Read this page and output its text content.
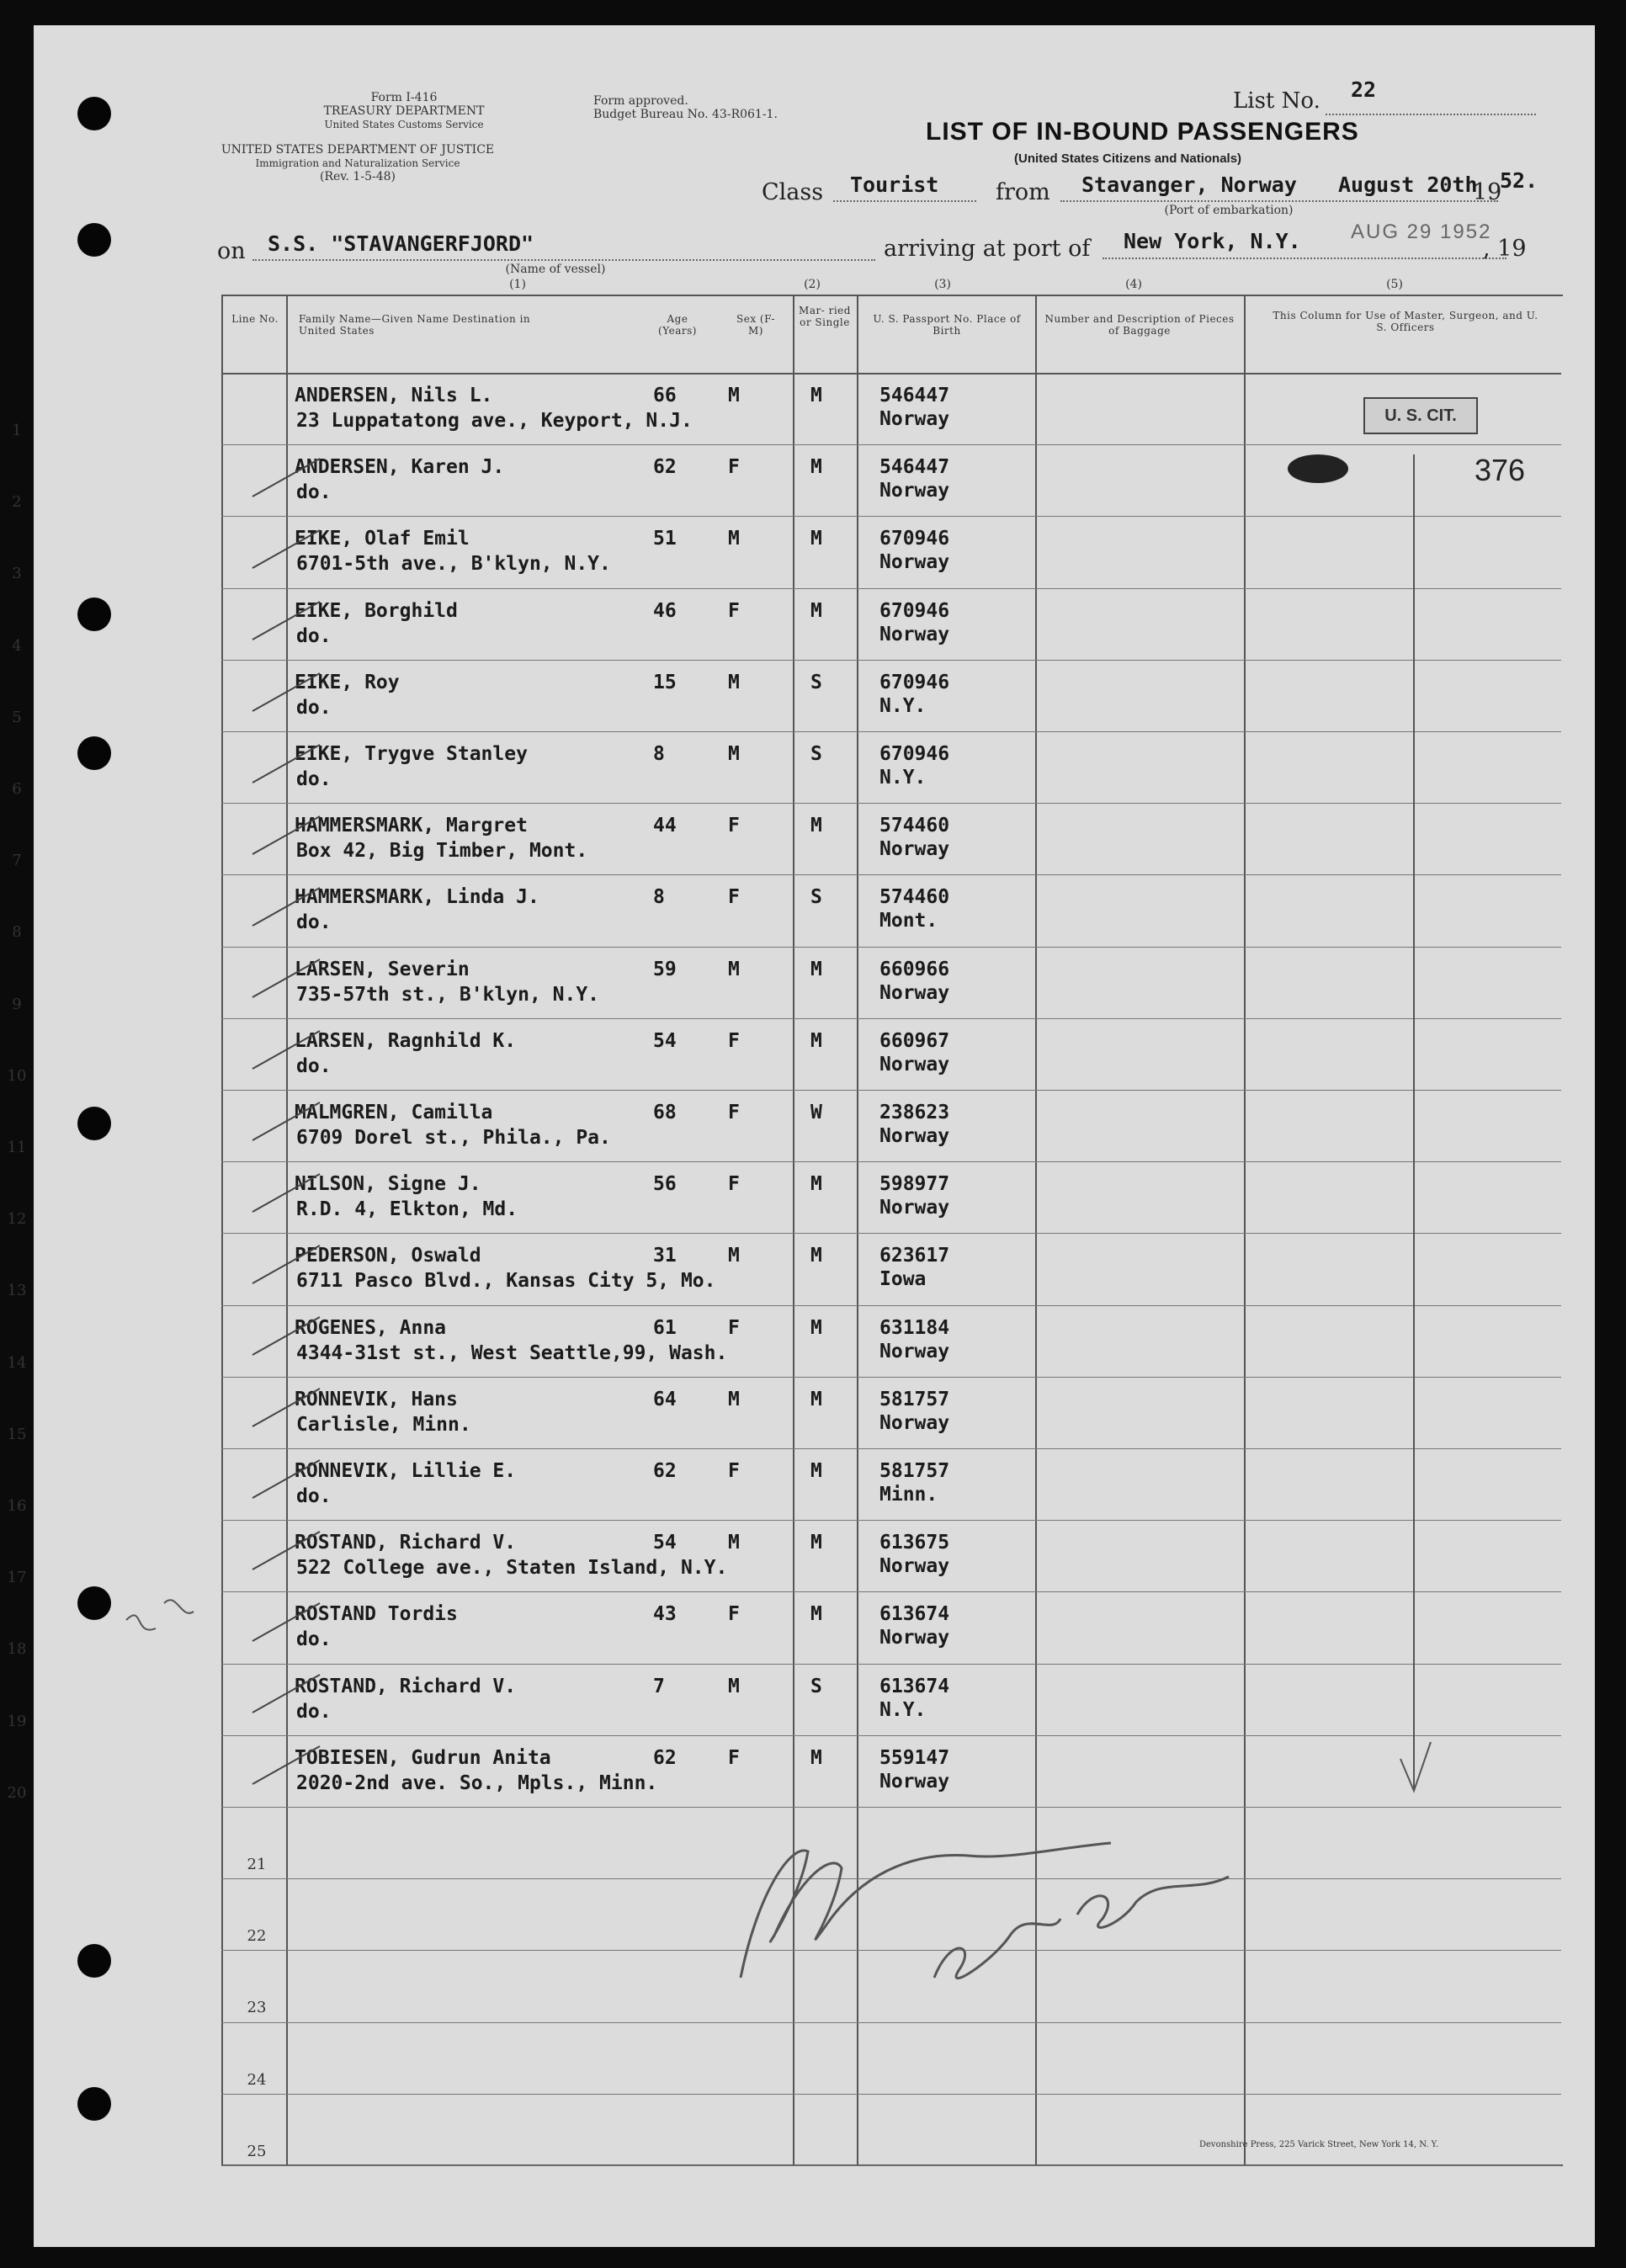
Form I-416
TREASURY DEPARTMENT
United States Customs Service
Form approved.
Budget Bureau No. 43-R061-1.
UNITED STATES DEPARTMENT OF JUSTICE
Immigration and Naturalization Service
(Rev. 1-5-48)
List No. 22
LIST OF IN-BOUND PASSENGERS
(United States Citizens and Nationals)
Class Tourist	from Stavanger, Norway August 20th
19
52.
(Port of embarkation)
on S.S. "STAVANGERFJORD"
(Name of vessel)
arriving at port of New York, N.Y. AUG 29 1952
, 19
(1)	(2)	(3)	(4)	(5)
Line No.	Family Name—Given Name Destination in United States
Age (Years)
Sex (F-M)
Mar- ried or Single	U. S. Passport No. Place of Birth
Number and Description of Pieces of Baggage
This Column for Use of Master, Surgeon, and U. S. Officers
1
ANDERSEN, Nils L.
23 Luppatatong ave., Keyport, N.J.
66	M	M	546447
Norway
2
ANDERSEN, Karen J.
do.
62	F	M	546447
Norway
3
EIKE, Olaf Emil
6701-5th ave., B'klyn, N.Y.
51	M	M	670946
Norway
4
EIKE, Borghild
do.
46	F	M	670946
Norway
5
EIKE, Roy
do.
15	M	S	670946
N.Y.
6
EIKE, Trygve Stanley
do.
8	M	S	670946
N.Y.
7
HAMMERSMARK, Margret
Box 42, Big Timber, Mont.
44	F	M	574460
Norway
8
HAMMERSMARK, Linda J.
do.
8	F	S	574460
Mont.
9
LARSEN, Severin
735-57th st., B'klyn, N.Y.
59	M	M	660966
Norway
10
LARSEN, Ragnhild K.
do.
54	F	M	660967
Norway
11
MALMGREN, Camilla
6709 Dorel st., Phila., Pa.
68	F	W	238623
Norway
12
NILSON, Signe J.
R.D. 4, Elkton, Md.
56	F	M	598977
Norway
13
PEDERSON, Oswald
6711 Pasco Blvd., Kansas City 5, Mo.
31	M	M	623617
Iowa
14
ROGENES, Anna
4344-31st st., West Seattle,99, Wash.
61	F	M	631184
Norway
15
RONNEVIK, Hans
Carlisle, Minn.
64	M	M	581757
Norway
16
RONNEVIK, Lillie E.
do.
62	F	M	581757
Minn.
17
ROSTAND, Richard V.
522 College ave., Staten Island, N.Y.
54	M	M	613675
Norway
18
ROSTAND Tordis
do.
43	F	M	613674
Norway
19
ROSTAND, Richard V.
do.
7	M	S	613674
N.Y.
20
TOBIESEN, Gudrun Anita
2020-2nd ave. So., Mpls., Minn.
62	F	M	559147
Norway
21
22
23
24
25
U. S. CIT.
376
Devonshire Press, 225 Varick Street, New York 14, N. Y.
